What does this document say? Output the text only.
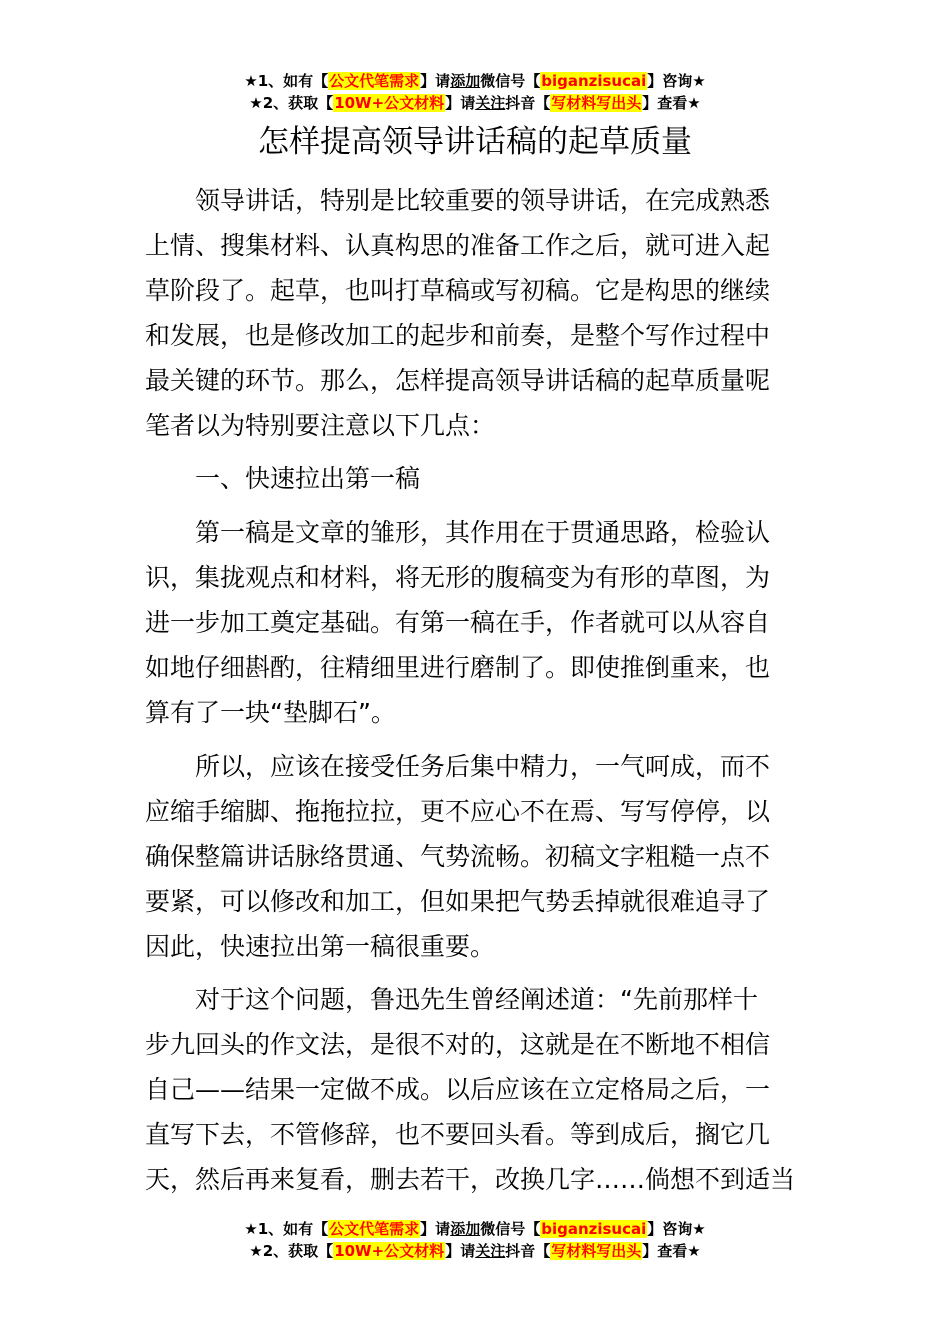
★1、如有【公文代笔需求】请添加微信号【biganzisucai】咨询★
★2、获取【10W+公文材料】请关注抖音【写材料写出头】查看★
怎样提高领导讲话稿的起草质量
领导讲话，特别是比较重要的领导讲话，在完成熟悉
上情、搜集材料、认真构思的准备工作之后，就可进入起
草阶段了。起草，也叫打草稿或写初稿。它是构思的继续
和发展，也是修改加工的起步和前奏，是整个写作过程中
最关键的环节。那么，怎样提高领导讲话稿的起草质量呢
笔者以为特别要注意以下几点：
一、快速拉出第一稿
第一稿是文章的雏形，其作用在于贯通思路，检验认
识，集拢观点和材料，将无形的腹稿变为有形的草图，为
进一步加工奠定基础。有第一稿在手，作者就可以从容自
如地仔细斟酌，往精细里进行磨制了。即使推倒重来，也
算有了一块“垫脚石”。
所以，应该在接受任务后集中精力，一气呵成，而不
应缩手缩脚、拖拖拉拉，更不应心不在焉、写写停停，以
确保整篇讲话脉络贯通、气势流畅。初稿文字粗糙一点不
要紧，可以修改和加工，但如果把气势丢掉就很难追寻了
因此，快速拉出第一稿很重要。
对于这个问题，鲁迅先生曾经阐述道：“先前那样十
步九回头的作文法，是很不对的，这就是在不断地不相信
自己——结果一定做不成。以后应该在立定格局之后，一
直写下去，不管修辞，也不要回头看。等到成后，搁它几
天，然后再来复看，删去若干，改换几字……倘想不到适当
★1、如有【公文代笔需求】请添加微信号【biganzisucai】咨询★
★2、获取【10W+公文材料】请关注抖音【写材料写出头】查看★
